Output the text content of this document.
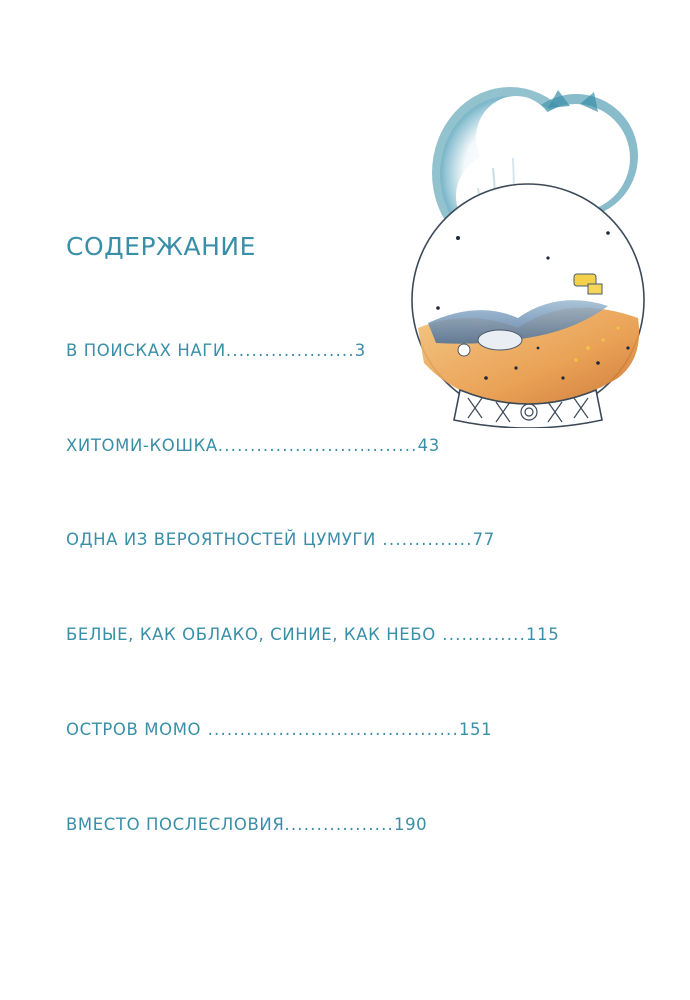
СОДЕРЖАНИЕ
В ПОИСКАХ НАГИ....................3
ХИТОМИ-КОШКА...............................43
ОДНА ИЗ ВЕРОЯТНОСТЕЙ ЦУМУГИ ..............77
БЕЛЫЕ, КАК ОБЛАКО, СИНИЕ, КАК НЕБО .............115
ОСТРОВ МОМО .......................................151
ВМЕСТО ПОСЛЕСЛОВИЯ.................190
